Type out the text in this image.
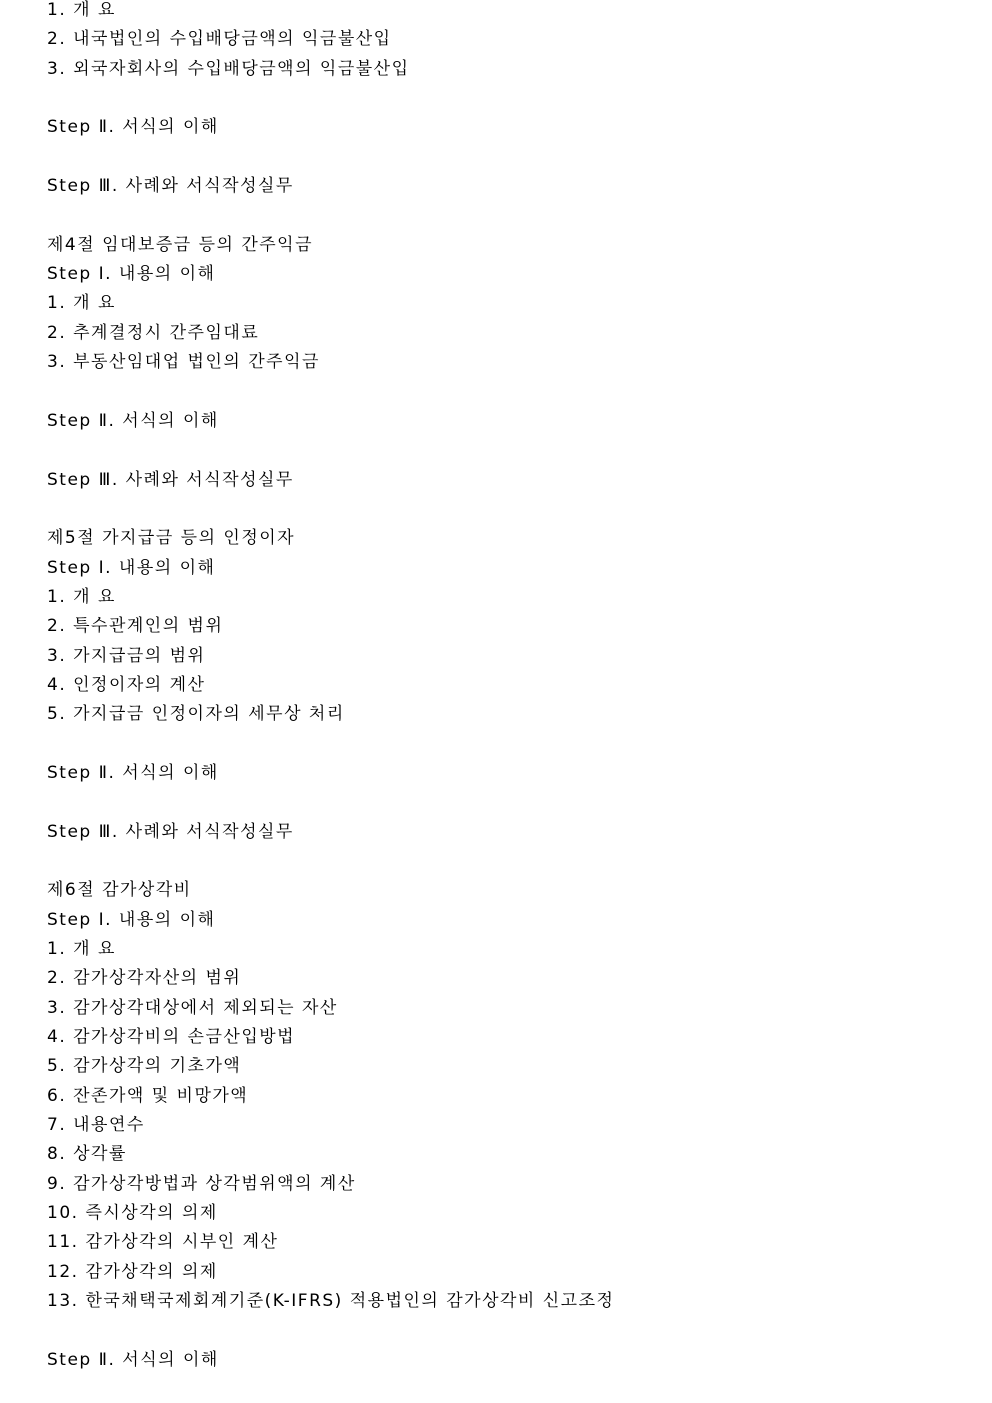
1. 개 요
2. 내국법인의 수입배당금액의 익금불산입
3. 외국자회사의 수입배당금액의 익금불산입
Step Ⅱ. 서식의 이해
Step Ⅲ. 사례와 서식작성실무
제4절 임대보증금 등의 간주익금
Step Ⅰ. 내용의 이해
1. 개 요
2. 추계결정시 간주임대료
3. 부동산임대업 법인의 간주익금
Step Ⅱ. 서식의 이해
Step Ⅲ. 사례와 서식작성실무
제5절 가지급금 등의 인정이자
Step Ⅰ. 내용의 이해
1. 개 요
2. 특수관계인의 범위
3. 가지급금의 범위
4. 인정이자의 계산
5. 가지급금 인정이자의 세무상 처리
Step Ⅱ. 서식의 이해
Step Ⅲ. 사례와 서식작성실무
제6절 감가상각비
Step Ⅰ. 내용의 이해
1. 개 요
2. 감가상각자산의 범위
3. 감가상각대상에서 제외되는 자산
4. 감가상각비의 손금산입방법
5. 감가상각의 기초가액
6. 잔존가액 및 비망가액
7. 내용연수
8. 상각률
9. 감가상각방법과 상각범위액의 계산
10. 즉시상각의 의제
11. 감가상각의 시부인 계산
12. 감가상각의 의제
13. 한국채택국제회계기준(K-IFRS) 적용법인의 감가상각비 신고조정
Step Ⅱ. 서식의 이해
